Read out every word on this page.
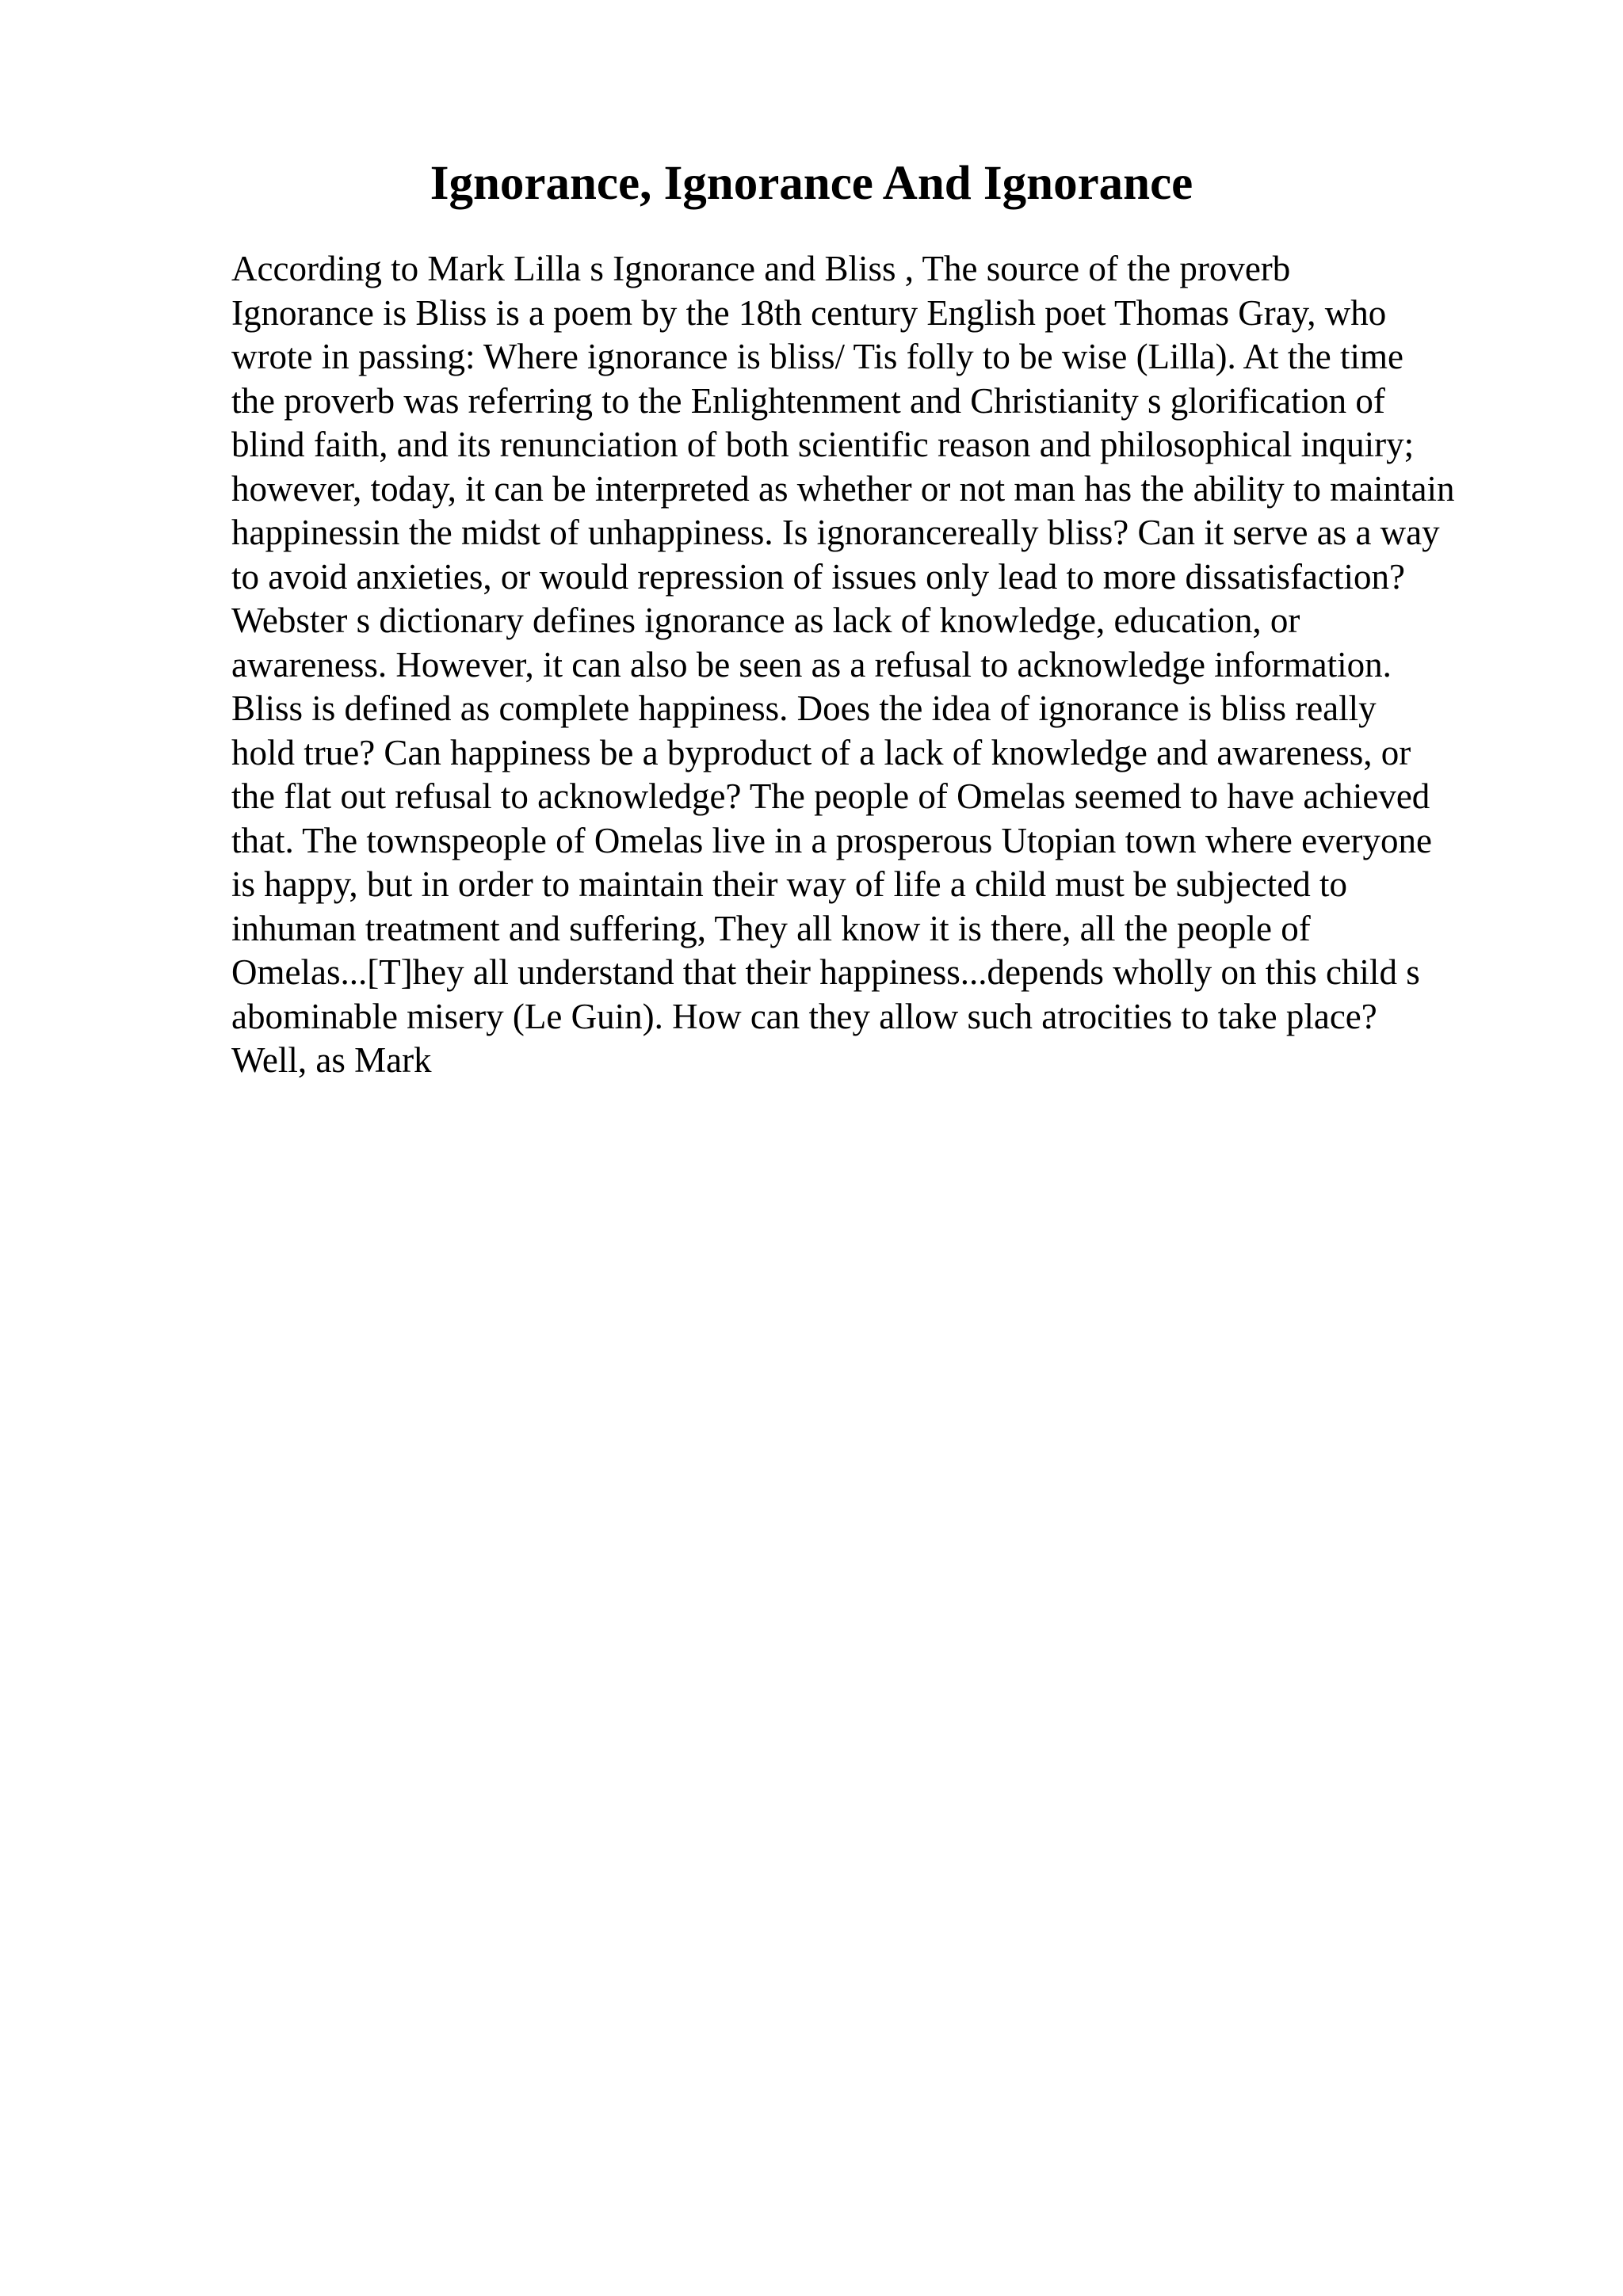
Ignorance, Ignorance And Ignorance
According to Mark Lilla s Ignorance and Bliss , The source of the proverb
Ignorance is Bliss is a poem by the 18th century English poet Thomas Gray, who
wrote in passing: Where ignorance is bliss/ Tis folly to be wise (Lilla). At the time
the proverb was referring to the Enlightenment and Christianity s glorification of
blind faith, and its renunciation of both scientific reason and philosophical inquiry;
however, today, it can be interpreted as whether or not man has the ability to maintain
happinessin the midst of unhappiness. Is ignorancereally bliss? Can it serve as a way
to avoid anxieties, or would repression of issues only lead to more dissatisfaction?
Webster s dictionary defines ignorance as lack of knowledge, education, or
awareness. However, it can also be seen as a refusal to acknowledge information.
Bliss is defined as complete happiness. Does the idea of ignorance is bliss really
hold true? Can happiness be a byproduct of a lack of knowledge and awareness, or
the flat out refusal to acknowledge? The people of Omelas seemed to have achieved
that. The townspeople of Omelas live in a prosperous Utopian town where everyone
is happy, but in order to maintain their way of life a child must be subjected to
inhuman treatment and suffering, They all know it is there, all the people of
Omelas...[T]hey all understand that their happiness...depends wholly on this child s
abominable misery (Le Guin). How can they allow such atrocities to take place?
Well, as Mark
